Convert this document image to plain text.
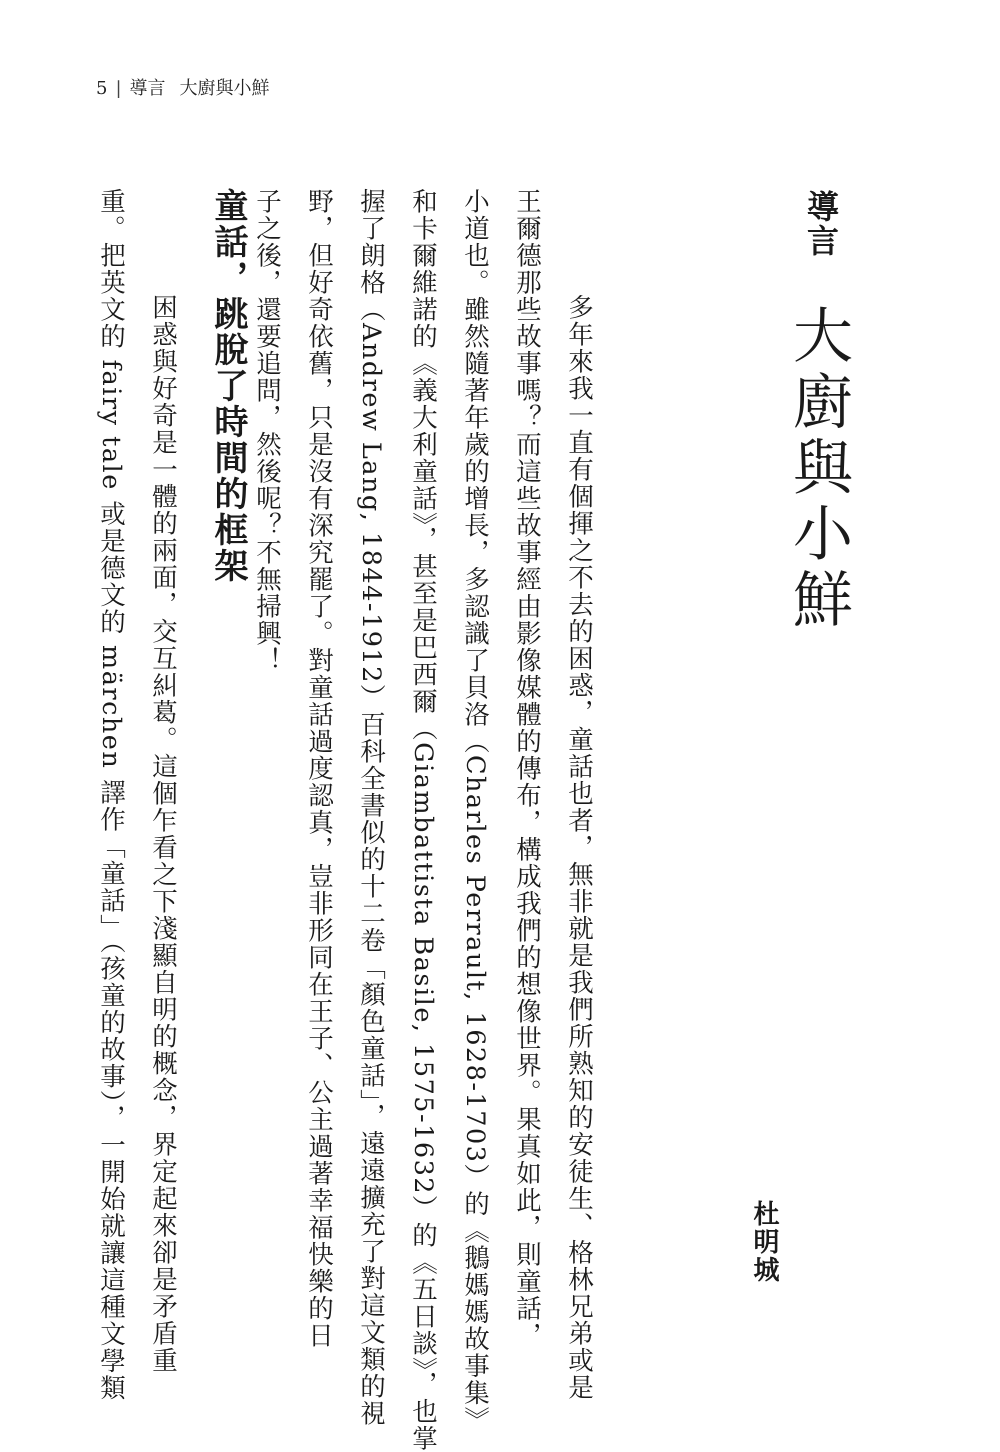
5 | 導言 大廚與小鮮
導言
大廚與小鮮
杜明城
　　多年來我一直有個揮之不去的困惑，童話也者，無非就是我們所熟知的安徒生、格林兄弟或是
王爾德那些故事嗎？而這些故事經由影像媒體的傳布，構成我們的想像世界。果真如此，則童話，
小道也。雖然隨著年歲的增長，多認識了貝洛（Charles Perrault, 1628-1703）的《鵝媽媽故事集》
和卡爾維諾的《義大利童話》，甚至是巴西爾（Giambattista Basile, 1575-1632）的《五日談》，也掌
握了朗格（Andrew Lang, 1844-1912）百科全書似的十二卷「顏色童話」，遠遠擴充了對這文類的視
野，但好奇依舊，只是沒有深究罷了。對童話過度認真，豈非形同在王子、公主過著幸福快樂的日
子之後，還要追問，然後呢？不無掃興！
童話，跳脫了時間的框架
　　困惑與好奇是一體的兩面，交互糾葛。這個乍看之下淺顯自明的概念，界定起來卻是矛盾重
重。把英文的 fairy tale 或是德文的 märchen 譯作「童話」（孩童的故事），一開始就讓這種文學類
